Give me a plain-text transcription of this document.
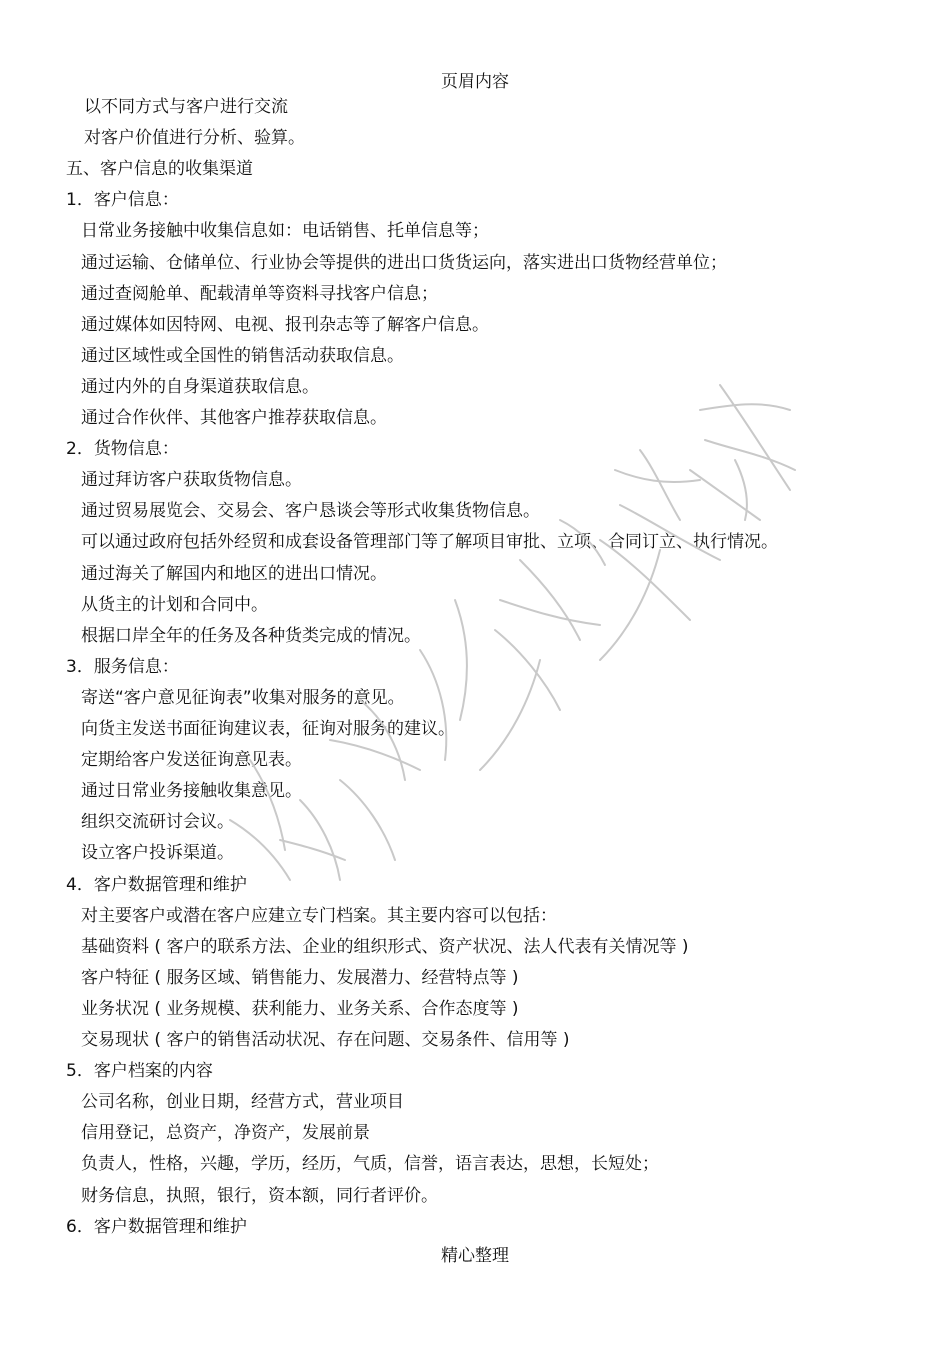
页眉内容
以不同方式与客户进行交流
对客户价值进行分析、验算。
五、客户信息的收集渠道
1．客户信息：
日常业务接触中收集信息如：电话销售、托单信息等；
通过运输、仓储单位、行业协会等提供的进出口货货运向，落实进出口货物经营单位；
通过查阅舱单、配载清单等资料寻找客户信息；
通过媒体如因特网、电视、报刊杂志等了解客户信息。
通过区域性或全国性的销售活动获取信息。
通过内外的自身渠道获取信息。
通过合作伙伴、其他客户推荐获取信息。
2．货物信息：
通过拜访客户获取货物信息。
通过贸易展览会、交易会、客户恳谈会等形式收集货物信息。
可以通过政府包括外经贸和成套设备管理部门等了解项目审批、立项、合同订立、执行情况。
通过海关了解国内和地区的进出口情况。
从货主的计划和合同中。
根据口岸全年的任务及各种货类完成的情况。
3．服务信息：
寄送“客户意见征询表”收集对服务的意见。
向货主发送书面征询建议表，征询对服务的建议。
定期给客户发送征询意见表。
通过日常业务接触收集意见。
组织交流研讨会议。
设立客户投诉渠道。
4．客户数据管理和维护
对主要客户或潜在客户应建立专门档案。其主要内容可以包括：
基础资料 ( 客户的联系方法、企业的组织形式、资产状况、法人代表有关情况等 )
客户特征 ( 服务区域、销售能力、发展潜力、经营特点等 )
业务状况 ( 业务规模、获利能力、业务关系、合作态度等 )
交易现状 ( 客户的销售活动状况、存在问题、交易条件、信用等 )
5．客户档案的内容
公司名称，创业日期，经营方式，营业项目
信用登记，总资产，净资产，发展前景
负责人，性格，兴趣，学历，经历，气质，信誉，语言表达，思想，长短处；
财务信息，执照，银行，资本额，同行者评价。
6．客户数据管理和维护
精心整理
